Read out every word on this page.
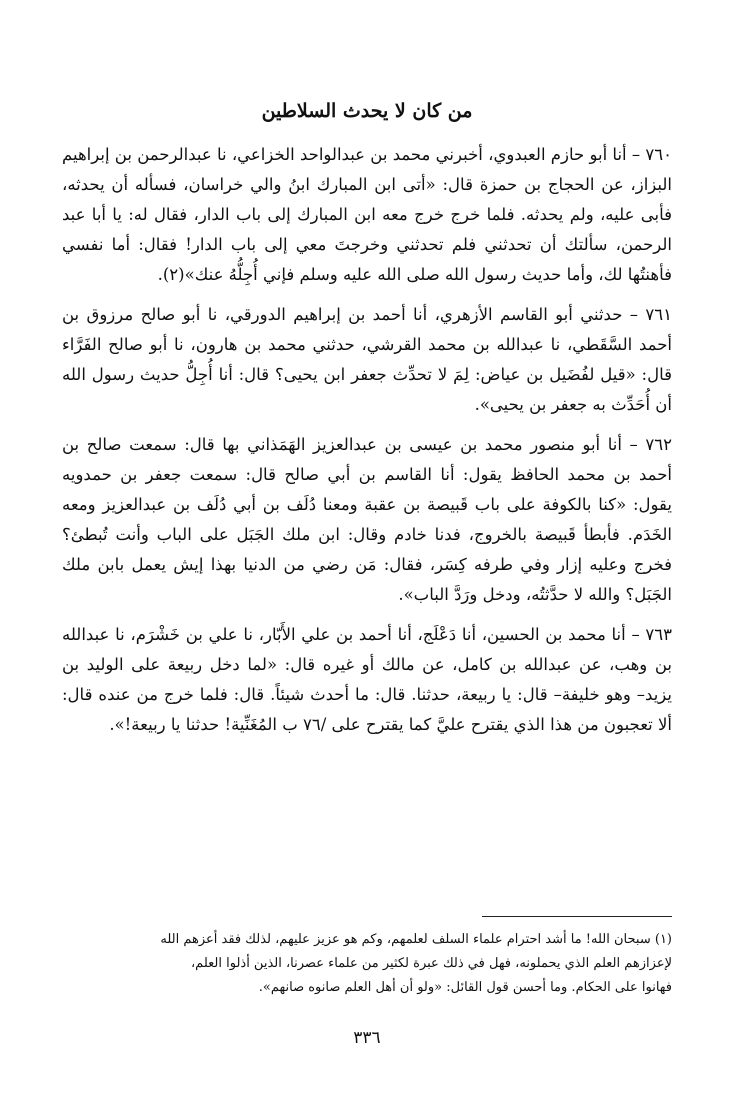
من كان لا يحدث السلاطين

٧٦٠ – أنا أبو حازم العبدوي، أخبرني محمد بن عبدالواحد الخزاعي، نا عبدالرحمن بن إبراهيم البزاز، عن الحجاج بن حمزة قال: «أتى ابن المبارك ابنُ والي خراسان، فسأله أن يحدثه، فأبى عليه، ولم يحدثه. فلما خرج خرج معه ابن المبارك إلى باب الدار، فقال له: يا أبا عبد الرحمن، سألتك أن تحدثني فلم تحدثني وخرجتَ معي إلى باب الدار! فقال: أما نفسي فأهنتُها لك، وأما حديث رسول الله صلى الله عليه وسلم فإني أُجِلُّهُ عنك»(٢).

٧٦١ – حدثني أبو القاسم الأزهري، أنا أحمد بن إبراهيم الدورقي، نا أبو صالح مرزوق بن أحمد السَّقَطي، نا عبدالله بن محمد القرشي، حدثني محمد بن هارون، نا أبو صالح الفَرَّاء قال: «قيل لفُضَيل بن عياض: لِمَ لا تحدِّث جعفر ابن يحيى؟ قال: أنا أُجِلُّ حديث رسول الله أن أُحَدِّث به جعفر بن يحيى».

٧٦٢ – أنا أبو منصور محمد بن عيسى بن عبدالعزيز الهَمَذاني بها قال: سمعت صالح بن أحمد بن محمد الحافظ يقول: أنا القاسم بن أبي صالح قال: سمعت جعفر بن حمدويه يقول: «كنا بالكوفة على باب قَبيصة بن عقبة ومعنا دُلَف بن أبي دُلَف بن عبدالعزيز ومعه الخَدَم. فأبطأ قَبيصة بالخروج، فدنا خادم وقال: ابن ملك الجَبَل على الباب وأنت تُبطئ؟ فخرج وعليه إزار وفي طرفه كِسَر، فقال: مَن رضي من الدنيا بهذا إيش يعمل بابن ملك الجَبَل؟ والله لا حدَّثتُه، ودخل ورَدَّ الباب».

٧٦٣ – أنا محمد بن الحسين، أنا دَعْلَج، أنا أحمد بن علي الأَبّار، نا علي بن خَشْرَم، نا عبدالله بن وهب، عن عبدالله بن كامل، عن مالك أو غيره قال: «لما دخل ربيعة على الوليد بن يزيد– وهو خليفة– قال: يا ربيعة، حدثنا. قال: ما أحدث شيئاً. قال: فلما خرج من عنده قال: ألا تعجبون من هذا الذي يقترح عليَّ كما يقترح على /٧٦ ب المُغَنِّية! حدثنا يا ربيعة!».

(١) سبحان الله! ما أشد احترام علماء السلف لعلمهم، وكم هو عزيز عليهم، لذلك فقد أعزهم الله
لإعزازهم العلم الذي يحملونه، فهل في ذلك عبرة لكثير من علماء عصرنا، الذين أذلوا العلم،
فهانوا على الحكام. وما أحسن قول القائل: «ولو أن أهل العلم صانوه صانهم».
٣٣٦
